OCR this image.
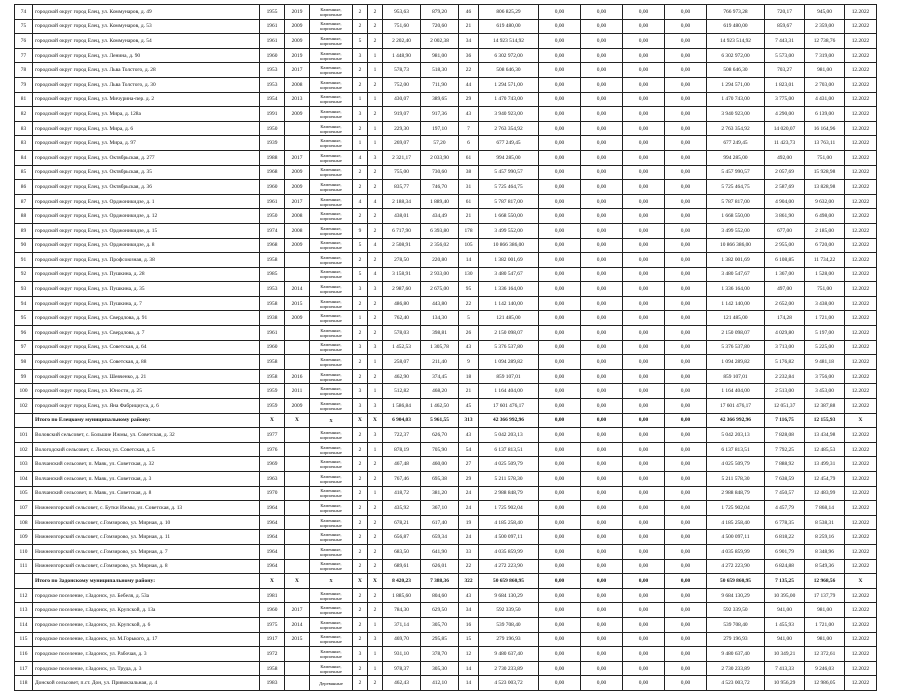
74	городской округ город Елец, ул. Коммунаров, д. 49	1955	2019	Каменные, кирпичные	2	2	953,63	879,20	46	806 825,29	0,00	0,00	0,00	0,00	766 973,28	720,17	945,00	12.2022
75	городской округ город Елец, ул. Коммунаров, д. 53	1961	2009	Каменные, кирпичные	2	2	751,60	720,60	21	619 480,00	0,00	0,00	0,00	0,00	619 480,00	859,67	2 359,00	12.2022
76	городской округ город Елец, ул. Коммунаров, д. 54	1961	2009	Каменные, кирпичные	5	2	2 202,40	2 002,38	34	14 923 514,92	0,00	0,00	0,00	0,00	14 923 514,92	7 443,31	12 738,76	12.2022
77	городской округ город Елец, ул. Ленина, д. 90	1960	2019	Каменные, кирпичные	3	1	1 448,90	981,00	36	6 302 972,00	0,00	0,00	0,00	0,00	6 302 972,00	5 573,00	7 319,00	12.2022
78	городской округ город Елец, ул. Льва Толстого, д. 28	1953	2017	Каменные, кирпичные	2	1	578,73	518,30	22	508 646,30	0,00	0,00	0,00	0,00	508 646,30	703,27	981,00	12.2022
79	городской округ город Елец, ул. Льва Толстого, д. 30	1953	2008	Каменные, кирпичные	2	2	752,00	711,90	44	1 294 571,00	0,00	0,00	0,00	0,00	1 294 571,00	1 823,01	2 703,00	12.2022
81	городской округ город Елец, ул. Мичурина-пер. д. 2	1954	2013	Каменные, кирпичные	1	1	430,07	389,65	29	1 470 743,00	0,00	0,00	0,00	0,00	1 470 743,00	3 775,00	4 431,00	12.2022
82	городской округ город Елец, ул. Мира, д. 128а	1991	2009	Каменные, кирпичные	3	2	919,07	917,36	43	3 940 923,00	0,00	0,00	0,00	0,00	3 940 923,00	4 290,00	6 139,00	12.2022
83	городской округ город Елец, ул. Мира, д. 6	1950		Каменные, кирпичные	2	1	229,30	197,10	7	2 763 354,92	0,00	0,00	0,00	0,00	2 763 354,92	14 020,07	16 164,96	12.2022
83	городской округ город Елец, ул. Мира, д. 97	1939		Каменные, кирпичные	1	1	269,07	57,20	6	677 249,45	0,00	0,00	0,00	0,00	677 249,45	11 423,73	13 763,11	12.2022
84	городской округ город Елец, ул. Октябрьская, д. 277	1988	2017	Каменные, кирпичные	4	3	2 321,17	2 033,90	61	994 285,00	0,00	0,00	0,00	0,00	994 285,00	492,00	751,00	12.2022
85	городской округ город Елец, ул. Октябрьская, д. 35	1968	2009	Каменные, кирпичные	2	2	755,00	730,60	38	5 457 990,57	0,00	0,00	0,00	0,00	5 457 990,57	2 057,69	15 928,98	12.2022
86	городской округ город Елец, ул. Октябрьская, д. 36	1960	2009	Каменные, кирпичные	2	2	835,77	746,70	31	5 725 464,75	0,00	0,00	0,00	0,00	5 725 464,75	2 587,69	13 828,98	12.2022
87	городской округ город Елец, ул. Орджоникидзе, д. 1	1961	2017	Каменные, кирпичные	4	4	2 188,34	1 889,40	61	5 787 817,00	0,00	0,00	0,00	0,00	5 787 817,00	4 904,00	9 632,00	12.2022
88	городской округ город Елец, ул. Орджоникидзе, д. 12	1950	2008	Каменные, кирпичные	2	2	438,01	434,49	21	1 668 550,00	0,00	0,00	0,00	0,00	1 668 550,00	3 861,90	6 498,00	12.2022
89	городской округ город Елец, ул. Орджоникидзе, д. 15	1974	2008	Каменные, кирпичные	9	2	6 717,90	6 393,80	178	3 499 552,00	0,00	0,00	0,00	0,00	3 499 552,00	677,00	2 185,00	12.2022
90	городской округ город Елец, ул. Орджоникидзе, д. 8	1968	2009	Каменные, кирпичные	5	4	2 508,91	2 356,02	105	10 866 386,00	0,00	0,00	0,00	0,00	10 866 386,00	2 955,00	6 720,00	12.2022
91	городской округ город Елец, ул. Профсоюзная, д. 38	1958		Каменные, кирпичные	2	2	278,50	220,80	14	1 382 001,69	0,00	0,00	0,00	0,00	1 382 001,69	6 108,85	11 734,22	12.2022
92	городской округ город Елец, ул. Пушкина, д. 28	1985		Каменные, кирпичные	5	4	3 158,91	2 933,00	130	3 480 547,67	0,00	0,00	0,00	0,00	3 480 547,67	1 367,00	1 528,00	12.2022
93	городской округ город Елец, ул. Пушкина, д. 35	1953	2014	Каменные, кирпичные	3	3	2 987,60	2 675,00	95	1 336 164,00	0,00	0,00	0,00	0,00	1 336 164,00	497,00	751,00	12.2022
94	городской округ город Елец, ул. Пушкина, д. 7	1958	2015	Каменные, кирпичные	2	2	486,80	443,80	22	1 142 140,00	0,00	0,00	0,00	0,00	1 142 140,00	2 652,00	3 438,00	12.2022
95	городской округ город Елец, ул. Свердлова, д. 91	1938	2009	Каменные, кирпичные	1	2	762,40	134,30	5	121 485,00	0,00	0,00	0,00	0,00	121 485,00	174,28	1 721,00	12.2022
96	городской округ город Елец, ул. Свердлова, д. 7	1961		Каменные, кирпичные	2	2	578,03	398,81	26	2 150 098,07	0,00	0,00	0,00	0,00	2 150 098,07	4 029,80	5 197,00	12.2022
97	городской округ город Елец, ул. Советская, д. 64	1960		Каменные, кирпичные	3	3	1 452,53	1 305,78	43	5 376 537,80	0,00	0,00	0,00	0,00	5 376 537,80	3 713,00	5 225,00	12.2022
98	городской округ город Елец, ул. Советская, д. 88	1958		Каменные, кирпичные	2	1	258,07	211,40	9	1 094 289,82	0,00	0,00	0,00	0,00	1 094 289,82	5 176,82	9 481,18	12.2022
99	городской округ город Елец, ул. Шевченко, д. 21	1958	2016	Каменные, кирпичные	2	2	462,90	374,45	18	859 107,01	0,00	0,00	0,00	0,00	859 107,01	2 232,84	3 756,00	12.2022
100	городской округ город Елец, ул. Юности, д. 25	1959	2011	Каменные, кирпичные	3	1	512,82	468,20	21	1 164 404,00	0,00	0,00	0,00	0,00	1 164 404,00	2 513,00	3 453,00	12.2022
102	городской округ город Елец, ул. Яна Фабрициуса, д. 6	1959	2009	Каменные, кирпичные	3	3	1 586,84	1 462,50	45	17 601 476,17	0,00	0,00	0,00	0,00	17 601 476,17	12 051,37	12 387,88	12.2022
	Итого по Елецкому муниципальному району:	X	X	X	X	X	6 904,03	5 961,55	313	42 366 992,96	0,00	0,00	0,00	0,00	42 366 992,96	7 116,75	12 155,93	X
101	Воловский сельсовет, с. Большие Ижмы, ул. Советская, д. 32	1977		Каменные, кирпичные	2	3	722,37	626,70	43	5 042 203,13	0,00	0,00	0,00	0,00	5 042 203,13	7 828,08	13 434,98	12.2022
102	Вологодский сельсовет, с. Лески, ул. Советская, д. 5	1976		Каменные, кирпичные	2	1	878,19	705,90	54	6 137 813,51	0,00	0,00	0,00	0,00	6 137 813,51	7 792,25	12 485,53	12.2022
103	Волчанский сельсовет, п. Маяк, ул. Советская, д. 32	1969		Каменные, кирпичные	2	2	467,48	460,00	27	4 025 509,79	0,00	0,00	0,00	0,00	4 025 509,79	7 888,92	13 499,31	12.2022
104	Волчанский сельсовет, п. Маяк, ул. Советская, д. 3	1963		Каменные, кирпичные	2	2	767,46	695,38	29	5 211 578,30	0,00	0,00	0,00	0,00	5 211 578,30	7 638,59	12 454,79	12.2022
105	Волчанский сельсовет, п. Маяк, ул. Советская, д. 8	1970		Каменные, кирпичные	2	1	418,72	381,20	24	2 988 848,79	0,00	0,00	0,00	0,00	2 988 848,79	7 450,57	12 483,99	12.2022
107	Нижнеизгорский сельсовет, с. Бутки Ижмы, ул. Советская, д. 13	1964		Каменные, кирпичные	2	2	435,92	367,10	24	1 725 902,04	0,00	0,00	0,00	0,00	1 725 902,04	4 457,79	7 868,14	12.2022
108	Нижнеизгорский сельсовет, с.Гомзирово, ул. Мирная, д. 10	1964		Каменные, кирпичные	2	2	678,21	617,40	19	4 185 258,40	0,00	0,00	0,00	0,00	4 185 258,40	6 778,35	8 538,31	12.2022
109	Нижнеизгорский сельсовет, с.Гомзирово, ул. Мирная, д. 11	1964		Каменные, кирпичные	2	2	656,87	659,34	24	4 500 097,11	0,00	0,00	0,00	0,00	4 500 097,11	6 818,22	8 259,16	12.2022
110	Нижнеизгорский сельсовет, с.Гомзирово, ул. Мирная, д. 7	1964		Каменные, кирпичные	2	2	683,50	641,90	33	4 035 859,99	0,00	0,00	0,00	0,00	4 035 859,99	6 901,79	8 348,96	12.2022
111	Нижнеизгорский сельсовет, с.Гомзирово, ул. Мирная, д. 8	1964		Каменные, кирпичные	2	2	689,61	626,01	22	4 272 223,90	0,00	0,00	0,00	0,00	4 272 223,90	6 824,88	8 549,36	12.2022
	Итого по Задонскому муниципальному району:	X	X	X	X	X	8 420,23	7 388,36	322	50 659 860,95	0,00	0,00	0,00	0,00	50 659 860,95	7 135,25	12 968,56	X
112	городское поселение, г.Задонск, ул. Бебеля, д. 53а	1981		Каменные, кирпичные	2	2	1 885,60	804,60	43	9 684 130,29	0,00	0,00	0,00	0,00	9 684 130,29	10 395,00	17 137,79	12.2022
113	городское поселение, г.Задонск, ул. Крупской, д. 13а	1960	2017	Каменные, кирпичные	2	2	784,30	629,50	34	592 339,50	0,00	0,00	0,00	0,00	592 339,50	941,00	981,00	12.2022
114	городское поселение, г.Задонск, ул. Крупской, д. 6	1975	2014	Каменные, кирпичные	2	1	371,14	305,70	16	539 708,40	0,00	0,00	0,00	0,00	539 708,40	1 455,93	1 721,00	12.2022
115	городское поселение, г.Задонск, ул. М.Горького, д. 17	1917	2015	Каменные, кирпичные	2	3	469,70	295,85	15	279 196,93	0,00	0,00	0,00	0,00	279 196,93	941,00	981,00	12.2022
116	городское поселение, г.Задонск, ул. Рабочая, д. 3	1972		Каменные, кирпичные	3	1	931,10	378,70	12	9 480 637,40	0,00	0,00	0,00	0,00	9 480 637,40	10 349,21	12 372,61	12.2022
117	городское поселение, г.Задонск, ул. Труда, д. 3	1958		Каменные, кирпичные	2	1	978,37	305,30	14	2 730 233,89	0,00	0,00	0,00	0,00	2 730 233,89	7 413,33	9 246,03	12.2022
118	Донской сельсовет, п.ст. Дон, ул. Привокзальная, д. 4	1983		Деревянные	2	2	462,43	412,10	14	4 523 003,72	0,00	0,00	0,00	0,00	4 523 003,72	10 956,29	12 986,05	12.2022
